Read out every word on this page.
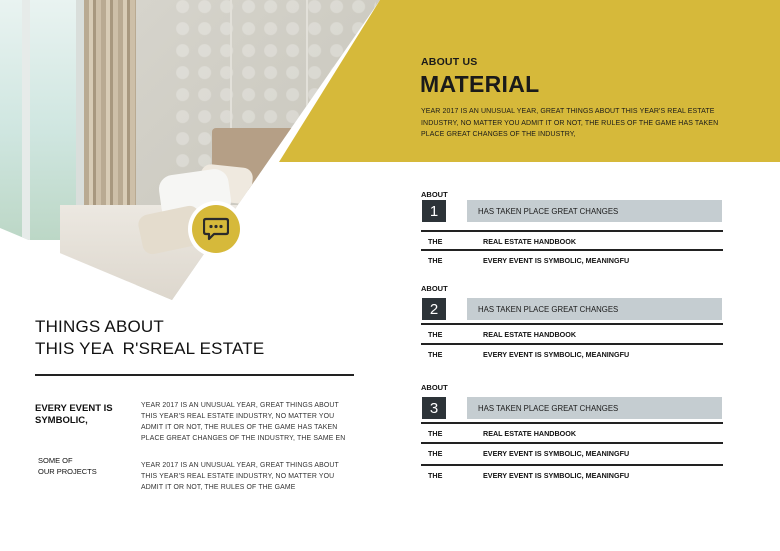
ABOUT US
MATERIAL
YEAR 2017 IS AN UNUSUAL YEAR, GREAT THINGS ABOUT THIS YEAR'S REAL ESTATE INDUSTRY, NO MATTER YOU ADMIT IT OR NOT, THE RULES OF THE GAME HAS TAKEN PLACE GREAT CHANGES OF THE INDUSTRY,
THINGS ABOUT
THIS YEA  R'SREAL ESTATE
EVERY EVENT IS SYMBOLIC,
YEAR 2017 IS AN UNUSUAL YEAR, GREAT THINGS ABOUT THIS YEAR'S REAL ESTATE INDUSTRY, NO MATTER YOU ADMIT IT OR NOT, THE RULES OF THE GAME HAS TAKEN PLACE GREAT CHANGES OF THE INDUSTRY, THE SAME EN
SOME OF
OUR PROJECTS
YEAR 2017 IS AN UNUSUAL YEAR, GREAT THINGS ABOUT THIS YEAR'S REAL ESTATE INDUSTRY, NO MATTER YOU ADMIT IT OR NOT, THE RULES OF THE GAME
ABOUT
1	HAS TAKEN PLACE GREAT CHANGES
THE	REAL ESTATE HANDBOOK
THE	EVERY EVENT IS SYMBOLIC, MEANINGFU
ABOUT
2	HAS TAKEN PLACE GREAT CHANGES
THE	REAL ESTATE HANDBOOK
THE	EVERY EVENT IS SYMBOLIC, MEANINGFU
ABOUT
3	HAS TAKEN PLACE GREAT CHANGES
THE	REAL ESTATE HANDBOOK
THE	EVERY EVENT IS SYMBOLIC, MEANINGFU
THE	EVERY EVENT IS SYMBOLIC, MEANINGFU
